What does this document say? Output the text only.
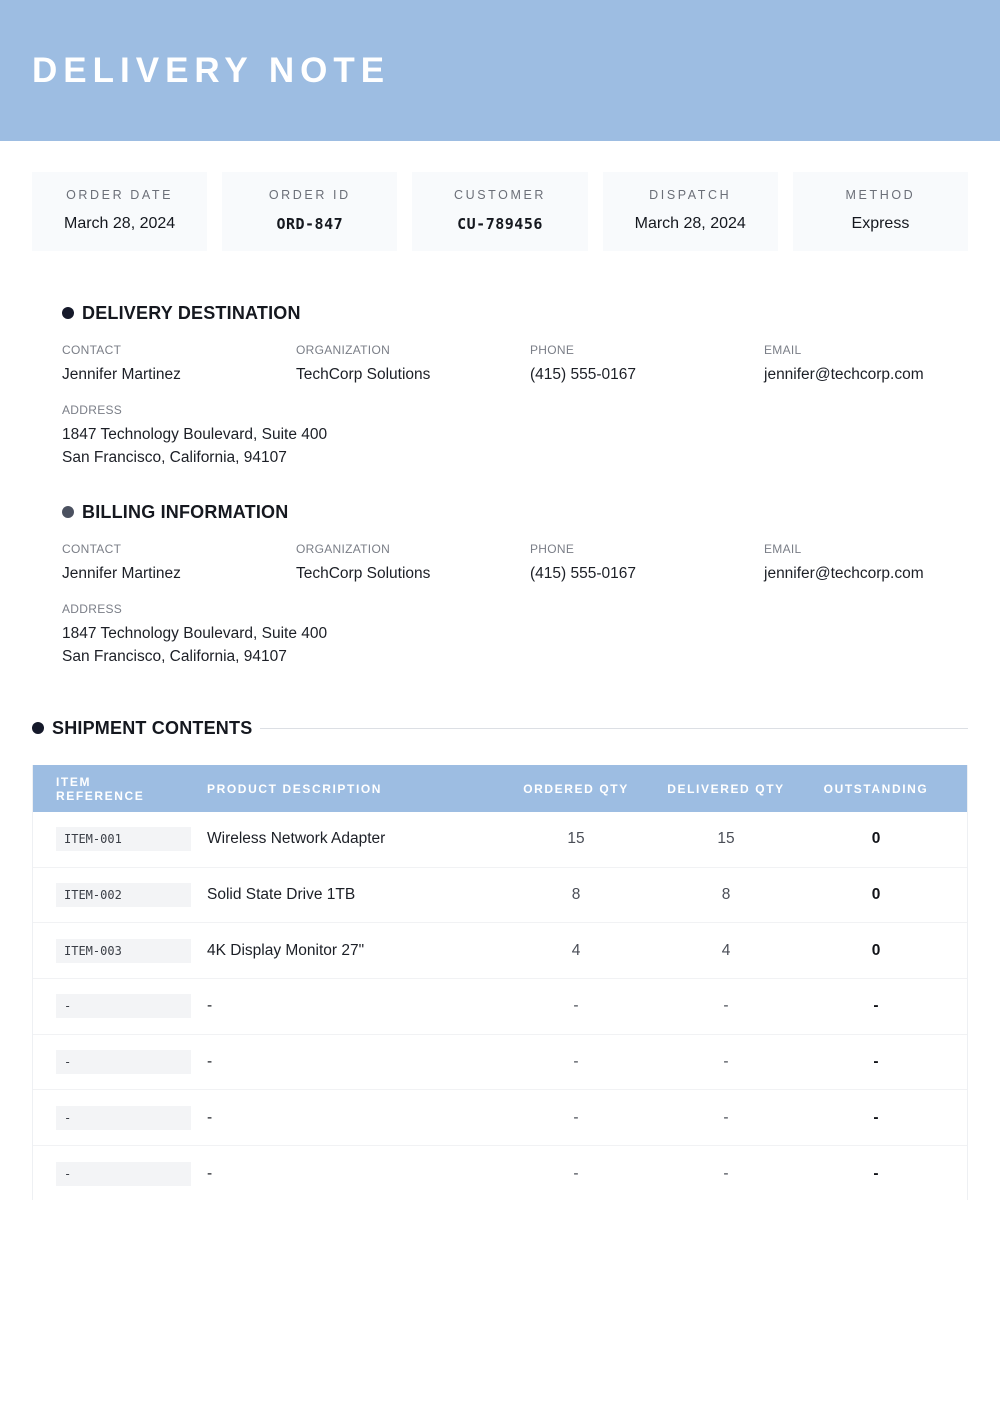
DELIVERY NOTE
ORDER DATE
March 28, 2024
ORDER ID
ORD-847
CUSTOMER
CU-789456
DISPATCH
March 28, 2024
METHOD
Express
DELIVERY DESTINATION
CONTACT
Jennifer Martinez
ORGANIZATION
TechCorp Solutions
PHONE
(415) 555-0167
EMAIL
jennifer@techcorp.com
ADDRESS
1847 Technology Boulevard, Suite 400
San Francisco, California, 94107
BILLING INFORMATION
CONTACT
Jennifer Martinez
ORGANIZATION
TechCorp Solutions
PHONE
(415) 555-0167
EMAIL
jennifer@techcorp.com
ADDRESS
1847 Technology Boulevard, Suite 400
San Francisco, California, 94107
SHIPMENT CONTENTS
ITEM REFERENCE	PRODUCT DESCRIPTION	ORDERED QTY	DELIVERED QTY	OUTSTANDING
ITEM-001	Wireless Network Adapter	15	15	0
ITEM-002	Solid State Drive 1TB	8	8	0
ITEM-003	4K Display Monitor 27"	4	4	0
-	-	-	-	-
-	-	-	-	-
-	-	-	-	-
-	-	-	-	-
